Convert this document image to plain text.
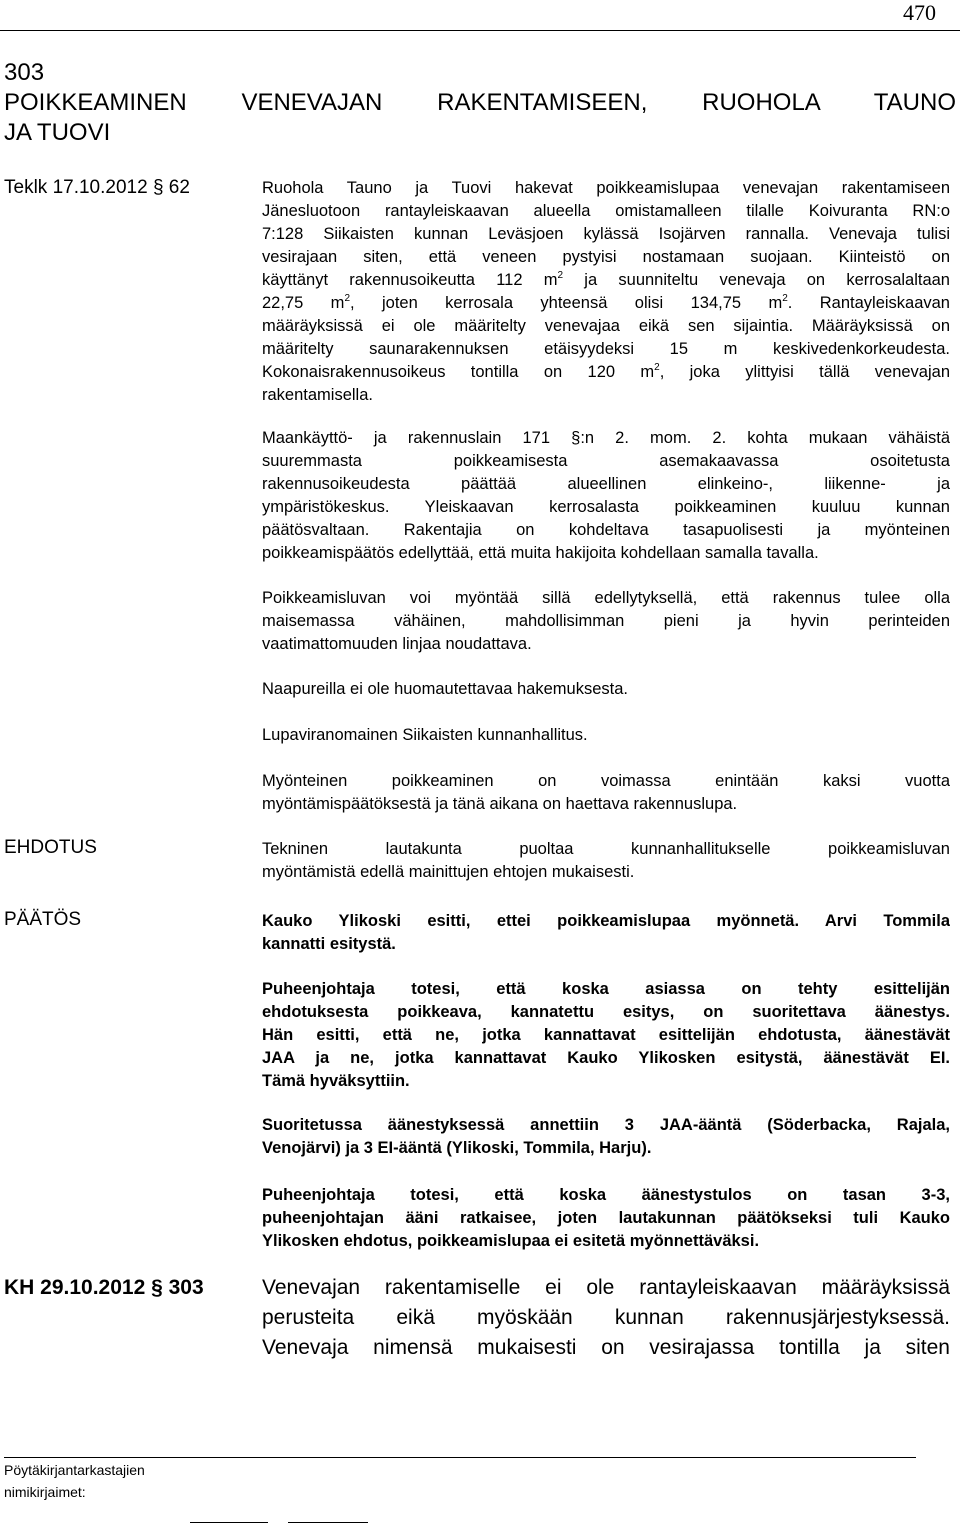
470
303
POIKKEAMINEN VENEVAJAN RAKENTAMISEEN, RUOHOLA TAUNO
JA TUOVI
Teklk 17.10.2012 § 62	Ruohola Tauno ja Tuovi hakevat poikkeamislupaa venevajan rakentamiseen
Jänesluotoon rantayleiskaavan alueella omistamalleen tilalle Koivuranta RN:o
7:128 Siikaisten kunnan Leväsjoen kylässä Isojärven rannalla. Venevaja tulisi
vesirajaan siten, että veneen pystyisi nostamaan suojaan. Kiinteistö on
käyttänyt rakennusoikeutta 112 $m^2$ ja suunniteltu venevaja on kerrosalaltaan
22,75 $m^2$, joten kerrosala yhteensä olisi 134,75 $m^2$. Rantayleiskaavan
määräyksissä ei ole määritelty venevajaa eikä sen sijaintia. Määräyksissä on
määritelty saunarakennuksen etäisyydeksi 15 m keskivedenkorkeudesta.
Kokonaisrakennusoikeus tontilla on 120 $m^2$, joka ylittyisi tällä venevajan
rakentamisella.
Maankäyttö- ja rakennuslain 171 §:n 2. mom. 2. kohta mukaan vähäistä
suuremmasta poikkeamisesta asemakaavassa osoitetusta
rakennusoikeudesta päättää alueellinen elinkeino-, liikenne- ja
ympäristökeskus. Yleiskaavan kerrosalasta poikkeaminen kuuluu kunnan
päätösvaltaan. Rakentajia on kohdeltava tasapuolisesti ja myönteinen
poikkeamispäätös edellyttää, että muita hakijoita kohdellaan samalla tavalla.
Poikkeamisluvan voi myöntää sillä edellytyksellä, että rakennus tulee olla
maisemassa vähäinen, mahdollisimman pieni ja hyvin perinteiden
vaatimattomuuden linjaa noudattava.
Naapureilla ei ole huomautettavaa hakemuksesta.
Lupaviranomainen Siikaisten kunnanhallitus.
Myönteinen poikkeaminen on voimassa enintään kaksi vuotta
myöntämispäätöksestä ja tänä aikana on haettava rakennuslupa.
EHDOTUS	Tekninen lautakunta puoltaa kunnanhallitukselle poikkeamisluvan
myöntämistä edellä mainittujen ehtojen mukaisesti.
PÄÄTÖS	Kauko Ylikoski esitti, ettei poikkeamislupaa myönnetä. Arvi Tommila
kannatti esitystä.
Puheenjohtaja totesi, että koska asiassa on tehty esittelijän
ehdotuksesta poikkeava, kannatettu esitys, on suoritettava äänestys.
Hän esitti, että ne, jotka kannattavat esittelijän ehdotusta, äänestävät
JAA ja ne, jotka kannattavat Kauko Ylikosken esitystä, äänestävät EI.
Tämä hyväksyttiin.
Suoritetussa äänestyksessä annettiin 3 JAA-ääntä (Söderbacka, Rajala,
Venojärvi) ja 3 EI-ääntä (Ylikoski, Tommila, Harju).
Puheenjohtaja totesi, että koska äänestystulos on tasan 3-3,
puheenjohtajan ääni ratkaisee, joten lautakunnan päätökseksi tuli Kauko
Ylikosken ehdotus, poikkeamislupaa ei esitetä myönnettäväksi.
KH 29.10.2012 § 303	Venevajan rakentamiselle ei ole rantayleiskaavan määräyksissä
perusteita eikä myöskään kunnan rakennusjärjestyksessä.
Venevaja nimensä mukaisesti on vesirajassa tontilla ja siten
Pöytäkirjantarkastajien
nimikirjaimet:
